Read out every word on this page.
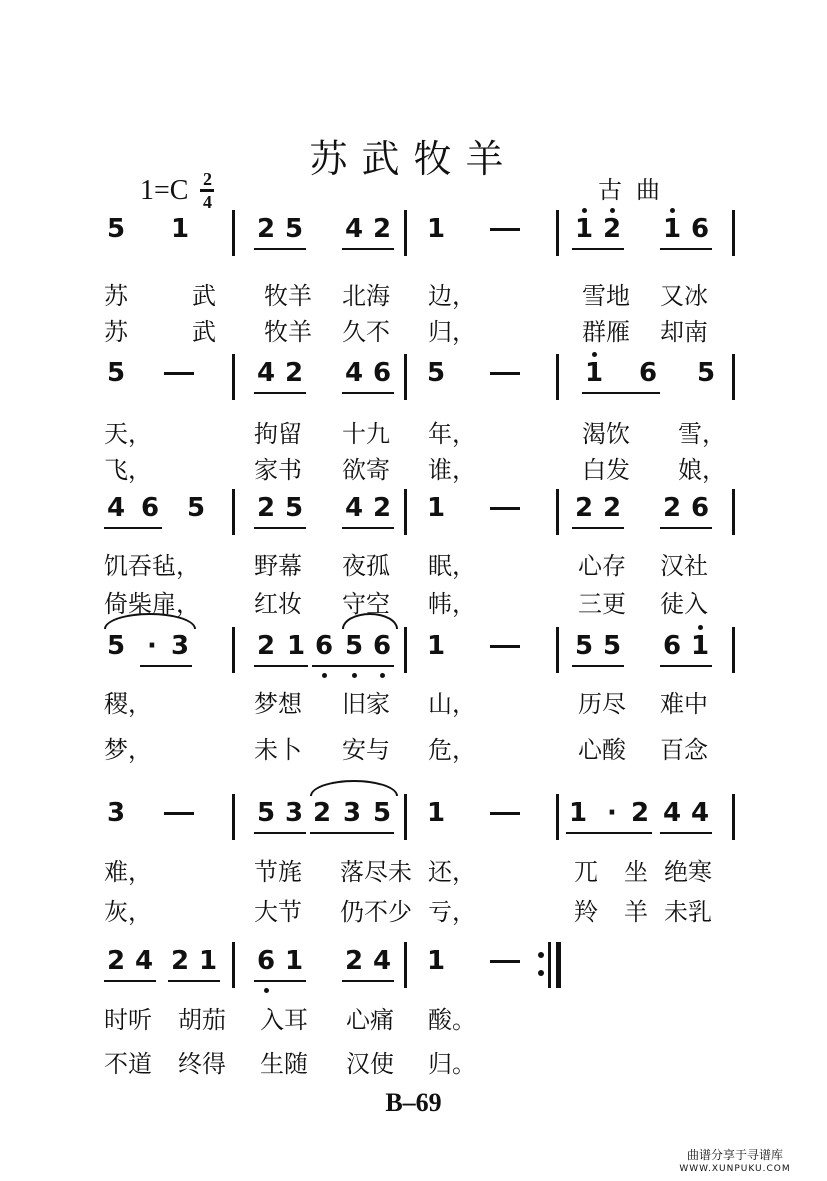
苏武牧羊
1=C 2
4	古曲
5 1	2 5 4 2 1	1 2 1 6
苏	武 牧羊 北海 边，	雪地 又冰
苏	武 牧羊 久不 归，	群雁 却南
5	4 2 4 6 5	1 6 5
天，	拘留 十九 年，	渴饮 雪，
飞，	家书 欲寄 谁，	白发 娘，
4 6 5 2 5 4 2 1	2 2 2 6
饥吞毡， 野幕 夜孤 眠，	心存 汉社
倚柴扉， 红妆 守空 帏，	三更 徒入
5 · 3	2 1 6 5 6 1	5 5 6 1
稷，	梦想 旧家 山，	历尽 难中
梦，	未卜 安与 危，	心酸 百念
3	5 3 2 3 5 1	1 · 2 4 4
难，	节旄 落尽未 还，	兀 坐 绝寒
灰，	大节 仍不少 亏，	羚 羊 未乳
2 4 2 1 6 1 2 4 1
时听 胡茄 入耳 心痛 酸。
不道 终得 生随 汉使 归。
B–69
曲谱分享于寻谱库
WWW.XUNPUKU.COM
